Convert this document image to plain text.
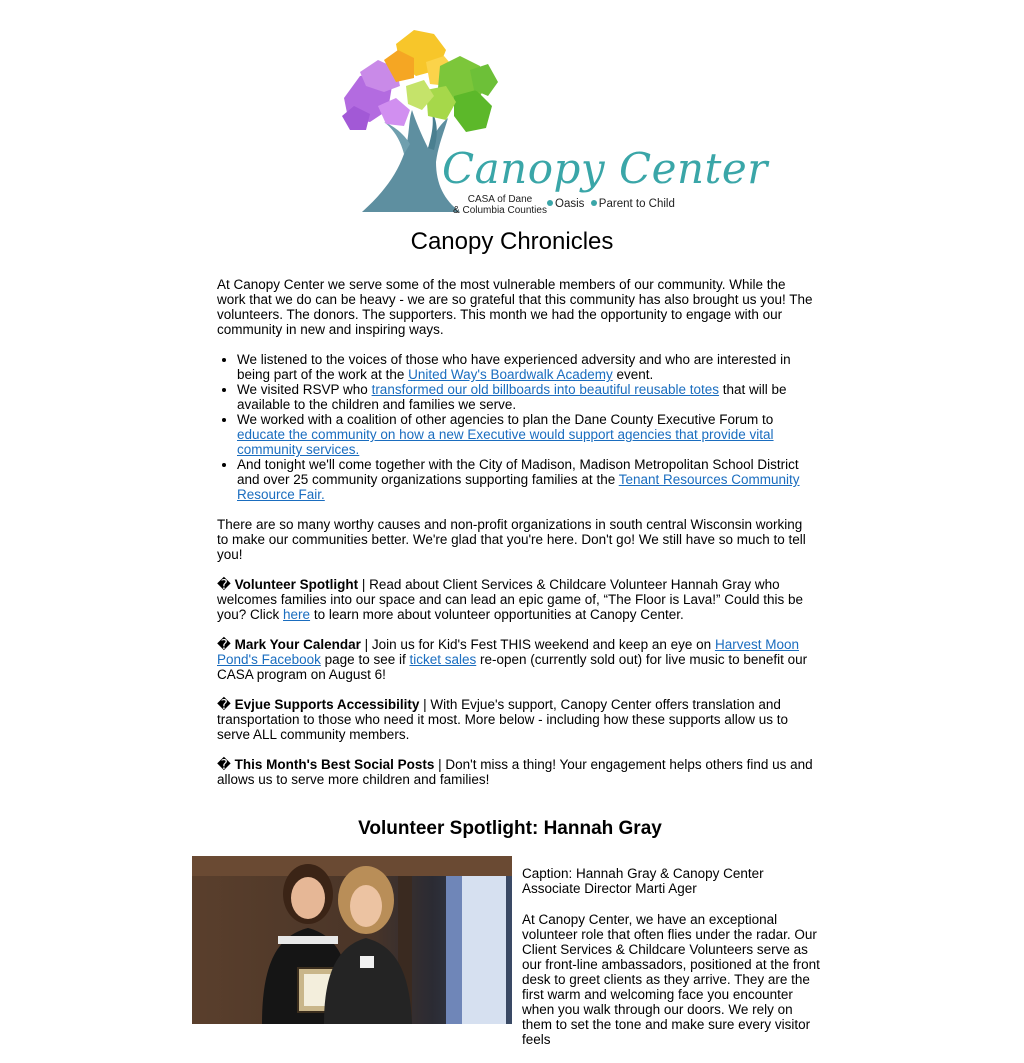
Canopy Center
CASA of Dane
& Columbia Counties
Oasis Parent to Child
Canopy Chronicles

At Canopy Center we serve some of the most vulnerable members of our community. While the work that we do can be heavy - we are so grateful that this community has also brought us you! The volunteers. The donors. The supporters. This month we had the opportunity to engage with our community in new and inspiring ways.

• We listened to the voices of those who have experienced adversity and who are interested in being part of the work at the United Way's Boardwalk Academy event.
• We visited RSVP who transformed our old billboards into beautiful reusable totes that will be available to the children and families we serve.
• We worked with a coalition of other agencies to plan the Dane County Executive Forum to educate the community on how a new Executive would support agencies that provide vital community services.
• And tonight we'll come together with the City of Madison, Madison Metropolitan School District and over 25 community organizations supporting families at the Tenant Resources Community Resource Fair.

There are so many worthy causes and non-profit organizations in south central Wisconsin working to make our communities better. We're glad that you're here. Don't go! We still have so much to tell you!

� Volunteer Spotlight | Read about Client Services & Childcare Volunteer Hannah Gray who welcomes families into our space and can lead an epic game of, “The Floor is Lava!” Could this be you? Click here to learn more about volunteer opportunities at Canopy Center.

� Mark Your Calendar | Join us for Kid's Fest THIS weekend and keep an eye on Harvest Moon Pond's Facebook page to see if ticket sales re-open (currently sold out) for live music to benefit our CASA program on August 6!

� Evjue Supports Accessibility | With Evjue's support, Canopy Center offers translation and transportation to those who need it most. More below - including how these supports allow us to serve ALL community members.

� This Month's Best Social Posts | Don't miss a thing! Your engagement helps others find us and allows us to serve more children and families!

Volunteer Spotlight: Hannah Gray

Caption: Hannah Gray & Canopy Center Associate Director Marti Ager

At Canopy Center, we have an exceptional volunteer role that often flies under the radar. Our Client Services & Childcare Volunteers serve as our front-line ambassadors, positioned at the front desk to greet clients as they arrive. They are the first warm and welcoming face you encounter when you walk through our doors. We rely on them to set the tone and make sure every visitor feels
